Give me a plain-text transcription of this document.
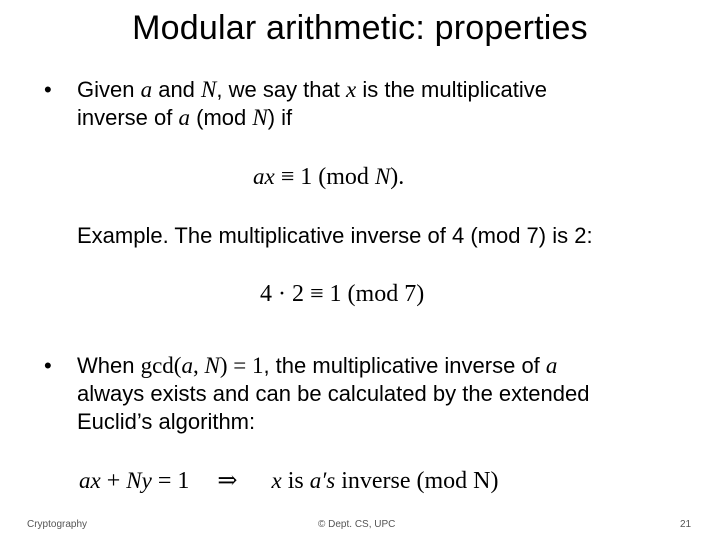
Modular arithmetic: properties
• Given a and N, we say that x is the multiplicative
inverse of a (mod N) if
ax ≡ 1 (mod N).
Example. The multiplicative inverse of 4 (mod 7) is 2:
4 · 2 ≡ 1 (mod 7)
• When gcd(a, N) = 1, the multiplicative inverse of a
always exists and can be calculated by the extended
Euclid’s algorithm:
ax + Ny = 1 ⇒ x is a′s inverse (mod N)
Cryptography	© Dept. CS, UPC	21
